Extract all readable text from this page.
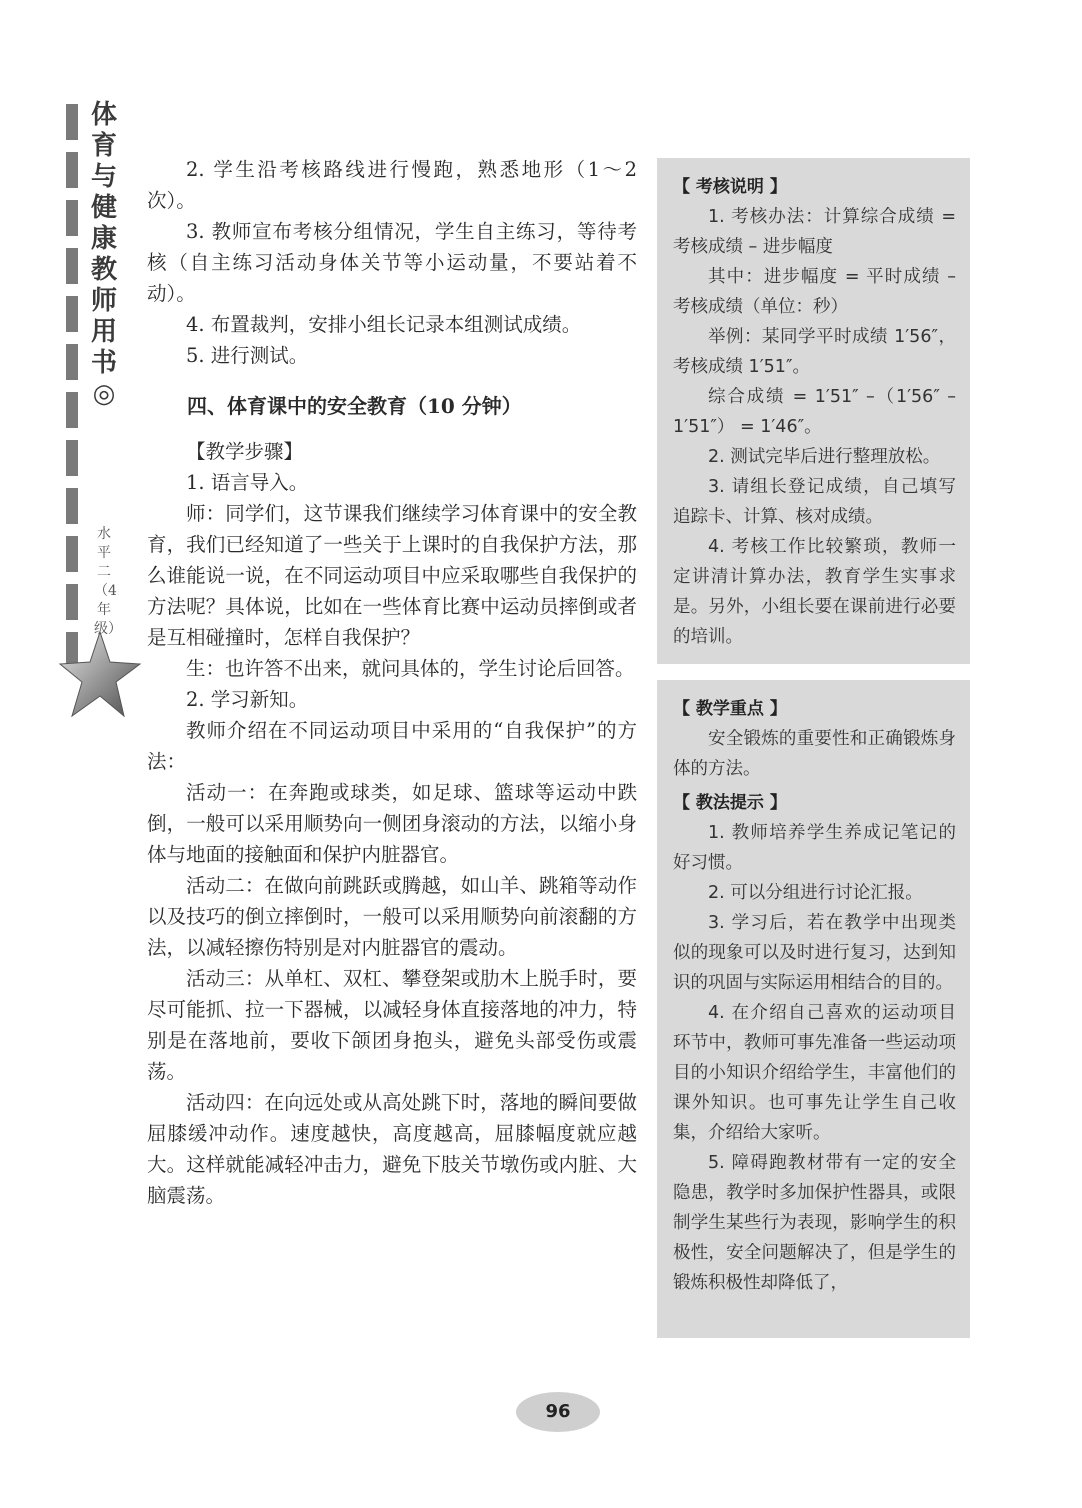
体育与健康教师用书◎
水平二（4年级）

2. 学生沿考核路线进行慢跑，熟悉地形（1～2 次）。

3. 教师宣布考核分组情况，学生自主练习，等待考核（自主练习活动身体关节等小运动量，不要站着不动）。

4. 布置裁判，安排小组长记录本组测试成绩。

5. 进行测试。

四、体育课中的安全教育（10 分钟）

【教学步骤】

1. 语言导入。

师：同学们，这节课我们继续学习体育课中的安全教育，我们已经知道了一些关于上课时的自我保护方法，那么谁能说一说，在不同运动项目中应采取哪些自我保护的方法呢？具体说，比如在一些体育比赛中运动员摔倒或者是互相碰撞时，怎样自我保护？

生：也许答不出来，就问具体的，学生讨论后回答。

2. 学习新知。

教师介绍在不同运动项目中采用的“自我保护”的方法：

活动一：在奔跑或球类，如足球、篮球等运动中跌倒，一般可以采用顺势向一侧团身滚动的方法，以缩小身体与地面的接触面和保护内脏器官。

活动二：在做向前跳跃或腾越，如山羊、跳箱等动作以及技巧的倒立摔倒时，一般可以采用顺势向前滚翻的方法，以减轻擦伤特别是对内脏器官的震动。

活动三：从单杠、双杠、攀登架或肋木上脱手时，要尽可能抓、拉一下器械，以减轻身体直接落地的冲力，特别是在落地前，要收下颌团身抱头，避免头部受伤或震荡。

活动四：在向远处或从高处跳下时，落地的瞬间要做屈膝缓冲动作。速度越快，高度越高，屈膝幅度就应越大。这样就能减轻冲击力，避免下肢关节墩伤或内脏、大脑震荡。

【 考核说明 】

1. 考核办法：计算综合成绩 = 考核成绩 – 进步幅度

其中：进步幅度 = 平时成绩 – 考核成绩（单位：秒）

举例：某同学平时成绩 1′56″，考核成绩 1′51″。

综合成绩 = 1′51″ –（1′56″ – 1′51″） = 1′46″。

2. 测试完毕后进行整理放松。

3. 请组长登记成绩，自己填写追踪卡、计算、核对成绩。

4. 考核工作比较繁琐，教师一定讲清计算办法，教育学生实事求是。另外，小组长要在课前进行必要的培训。

【 教学重点 】

安全锻炼的重要性和正确锻炼身体的方法。

【 教法提示 】

1. 教师培养学生养成记笔记的好习惯。

2. 可以分组进行讨论汇报。

3. 学习后，若在教学中出现类似的现象可以及时进行复习，达到知识的巩固与实际运用相结合的目的。

4. 在介绍自己喜欢的运动项目环节中，教师可事先准备一些运动项目的小知识介绍给学生，丰富他们的课外知识。也可事先让学生自己收集，介绍给大家听。

5. 障碍跑教材带有一定的安全隐患，教学时多加保护性器具，或限制学生某些行为表现，影响学生的积极性，安全问题解决了，但是学生的锻炼积极性却降低了，

96
